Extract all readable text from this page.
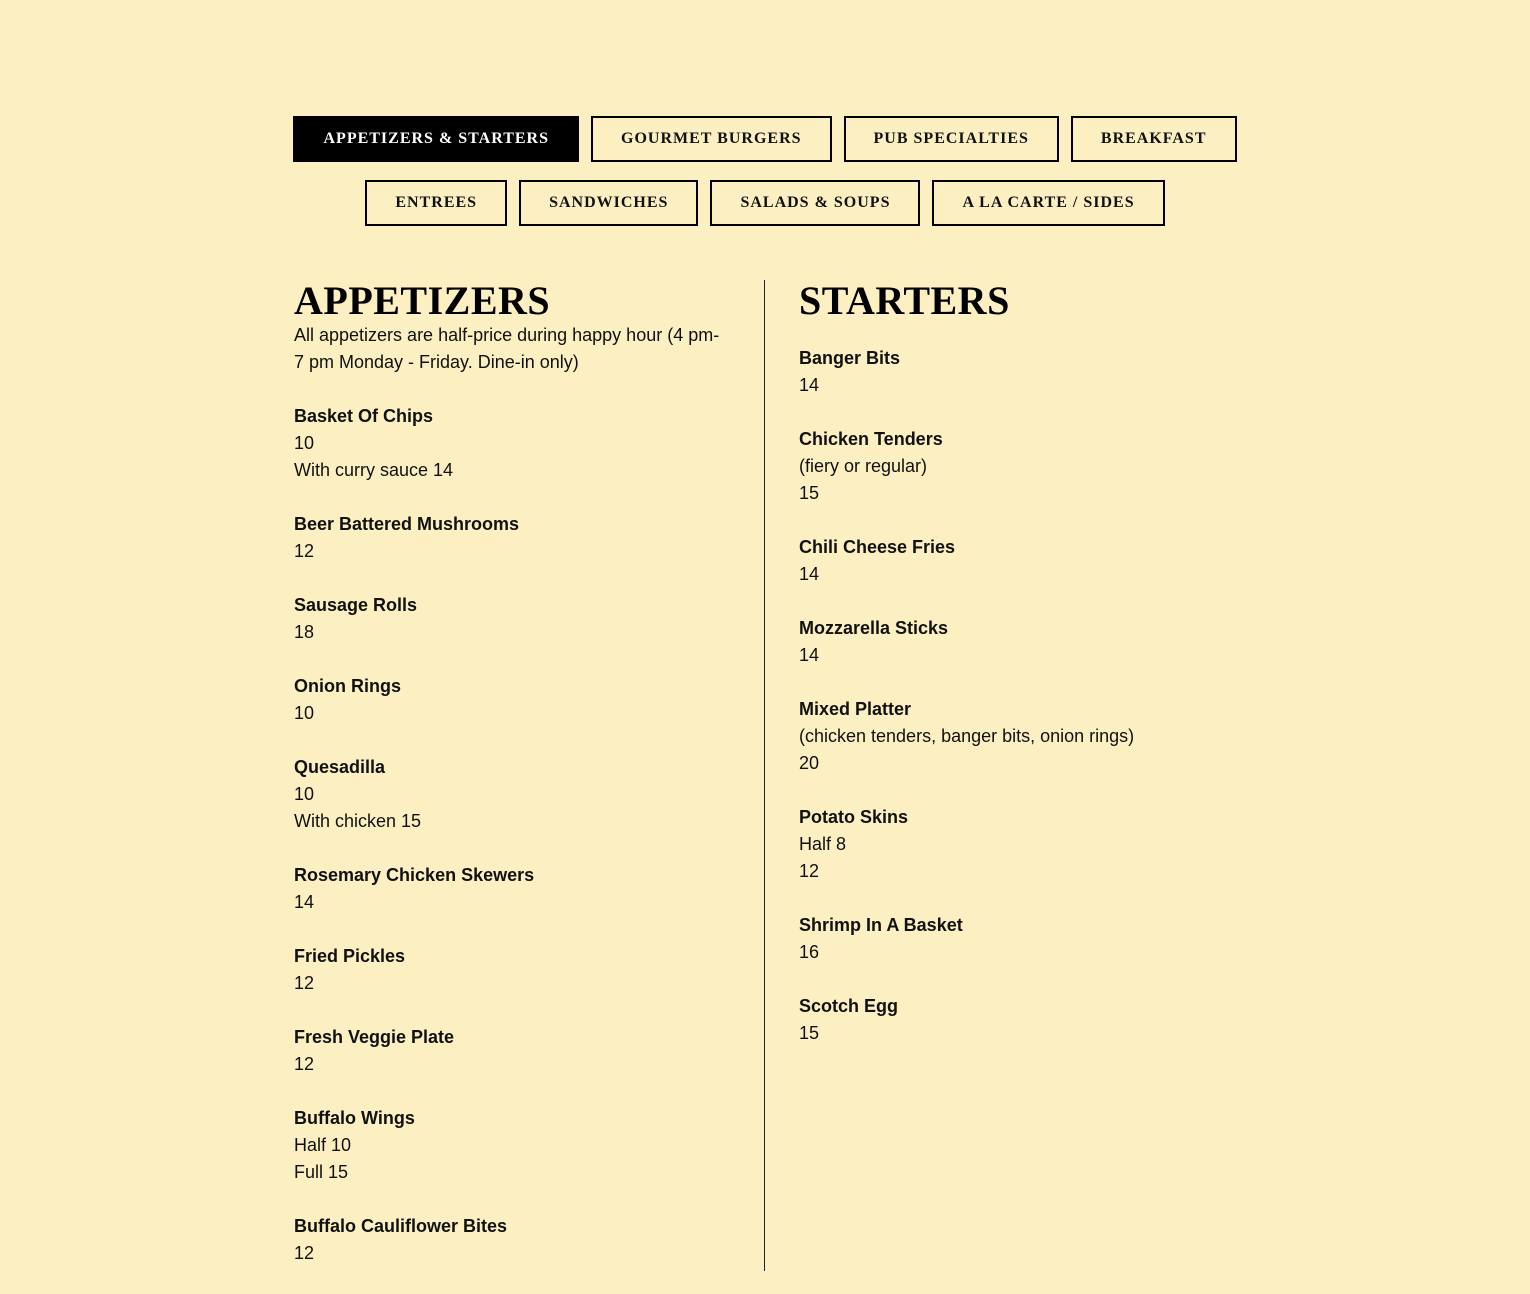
APPETIZERS & STARTERS	GOURMET BURGERS	PUB SPECIALTIES	BREAKFAST
ENTREES	SANDWICHES	SALADS & SOUPS	A LA CARTE / SIDES
APPETIZERS

All appetizers are half-price during happy hour (4 pm-7 pm Monday - Friday. Dine-in only)

Basket Of Chips
10
With curry sauce 14
Beer Battered Mushrooms
12
Sausage Rolls
18
Onion Rings
10
Quesadilla
10
With chicken 15
Rosemary Chicken Skewers
14
Fried Pickles
12
Fresh Veggie Plate
12
Buffalo Wings
Half 10
Full 15
Buffalo Cauliflower Bites
12
STARTERS
Banger Bits
14
Chicken Tenders
(fiery or regular)
15
Chili Cheese Fries
14
Mozzarella Sticks
14
Mixed Platter
(chicken tenders, banger bits, onion rings)
20
Potato Skins
Half 8
12
Shrimp In A Basket
16
Scotch Egg
15
